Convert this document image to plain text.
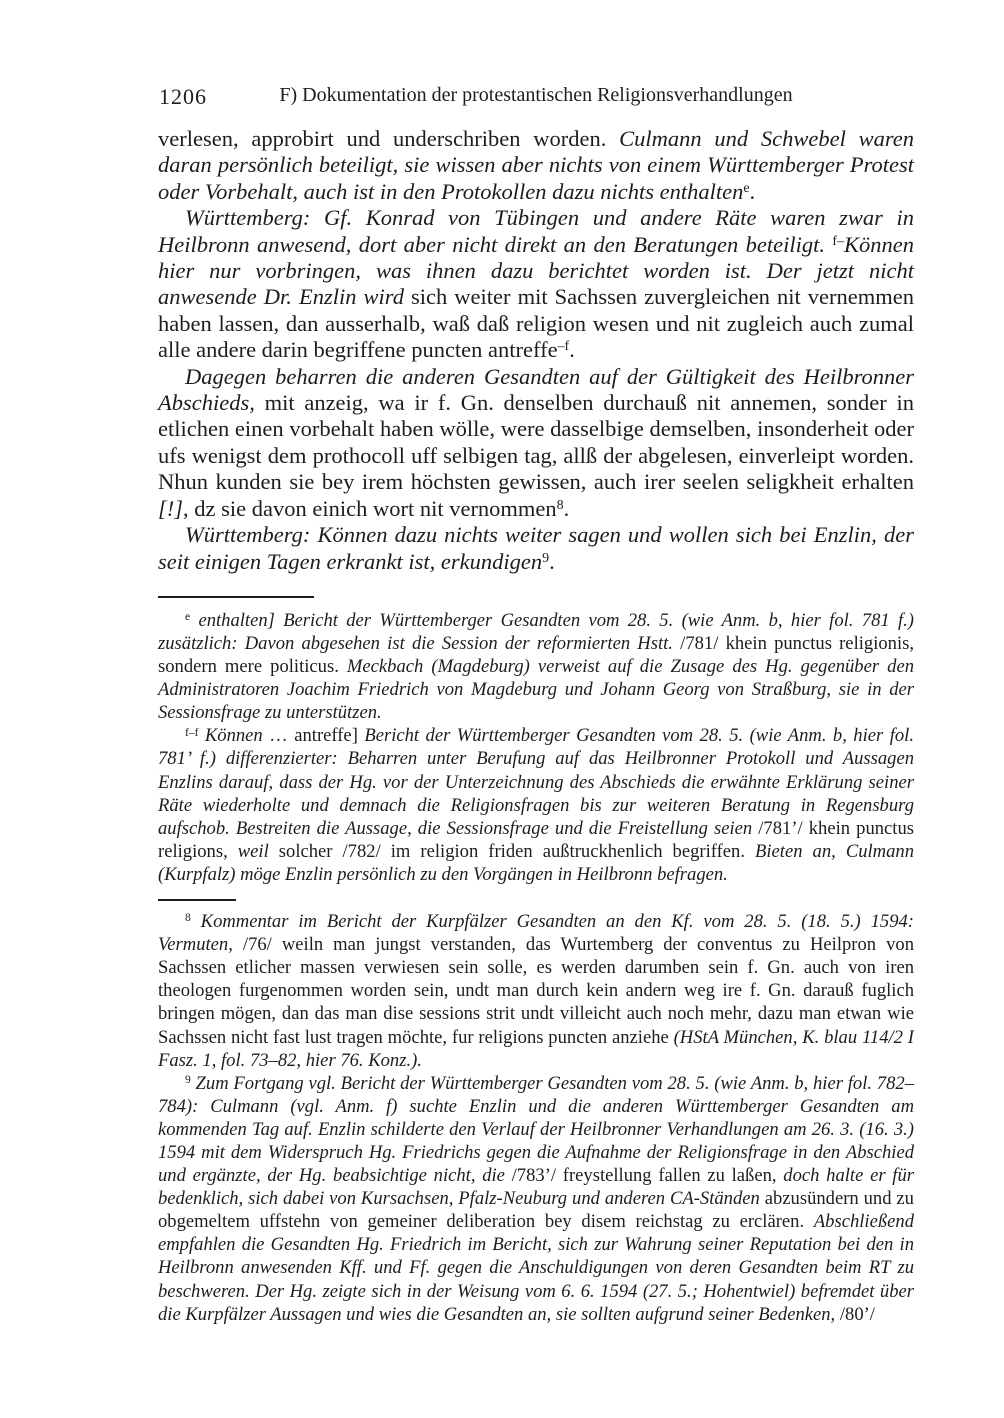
1206	F) Dokumentation der protestantischen Religionsverhandlungen

verlesen, approbirt und underschriben worden. Culmann und Schwebel waren daran persönlich beteiligt, sie wissen aber nichts von einem Württemberger Protest oder Vorbehalt, auch ist in den Protokollen dazu nichts enthalten$^e$.

Württemberg: Gf. Konrad von Tübingen und andere Räte waren zwar in Heilbronn anwesend, dort aber nicht direkt an den Beratungen beteiligt. $^{f-}$Können hier nur vorbringen, was ihnen dazu berichtet worden ist. Der jetzt nicht anwesende Dr. Enzlin wird sich weiter mit Sachssen zuvergleichen nit vernemmen haben lassen, dan ausserhalb, waß daß religion wesen und nit zugleich auch zumal alle andere darin begriffene puncten antreffe$^{-f}$.

Dagegen beharren die anderen Gesandten auf der Gültigkeit des Heilbronner Abschieds, mit anzeig, wa ir f. Gn. denselben durchauß nit annemen, sonder in etlichen einen vorbehalt haben wölle, were dasselbige demselben, insonderheit oder ufs wenigst dem prothocoll uff selbigen tag, allß der abgelesen, einverleipt worden. Nhun kunden sie bey irem höchsten gewissen, auch irer seelen seligkheit erhalten [!], dz sie davon einich wort nit vernommen$^8$.

Württemberg: Können dazu nichts weiter sagen und wollen sich bei Enzlin, der seit einigen Tagen erkrankt ist, erkundigen$^9$.

$^e$ enthalten] Bericht der Württemberger Gesandten vom 28. 5. (wie Anm. b, hier fol. 781 f.) zusätzlich: Davon abgesehen ist die Session der reformierten Hstt. /781/ khein punctus religionis, sondern mere politicus. Meckbach (Magdeburg) verweist auf die Zusage des Hg. gegenüber den Administratoren Joachim Friedrich von Magdeburg und Johann Georg von Straßburg, sie in der Sessionsfrage zu unterstützen.

$^{f-f}$ Können … antreffe] Bericht der Württemberger Gesandten vom 28. 5. (wie Anm. b, hier fol. 781’ f.) differenzierter: Beharren unter Berufung auf das Heilbronner Protokoll und Aussagen Enzlins darauf, dass der Hg. vor der Unterzeichnung des Abschieds die erwähnte Erklärung seiner Räte wiederholte und demnach die Religionsfragen bis zur weiteren Beratung in Regensburg aufschob. Bestreiten die Aussage, die Sessionsfrage und die Freistellung seien /781’/ khein punctus religions, weil solcher /782/ im religion friden außtruckhenlich begriffen. Bieten an, Culmann (Kurpfalz) möge Enzlin persönlich zu den Vorgängen in Heilbronn befragen.

$^8$ Kommentar im Bericht der Kurpfälzer Gesandten an den Kf. vom 28. 5. (18. 5.) 1594: Vermuten, /76/ weiln man jungst verstanden, das Wurtemberg der conventus zu Heilpron von Sachssen etlicher massen verwiesen sein solle, es werden darumben sein f. Gn. auch von iren theologen furgenommen worden sein, undt man durch kein andern weg ire f. Gn. darauß fuglich bringen mögen, dan das man dise sessions strit undt villeicht auch noch mehr, dazu man etwan wie Sachssen nicht fast lust tragen möchte, fur religions puncten anziehe (HStA München, K. blau 114/2 I Fasz. 1, fol. 73–82, hier 76. Konz.).

$^9$ Zum Fortgang vgl. Bericht der Württemberger Gesandten vom 28. 5. (wie Anm. b, hier fol. 782–784): Culmann (vgl. Anm. f) suchte Enzlin und die anderen Württemberger Gesandten am kommenden Tag auf. Enzlin schilderte den Verlauf der Heilbronner Verhandlungen am 26. 3. (16. 3.) 1594 mit dem Widerspruch Hg. Friedrichs gegen die Aufnahme der Religionsfrage in den Abschied und ergänzte, der Hg. beabsichtige nicht, die /783’/ freystellung fallen zu laßen, doch halte er für bedenklich, sich dabei von Kursachsen, Pfalz-Neuburg und anderen CA-Ständen abzusündern und zu obgemeltem uffstehn von gemeiner deliberation bey disem reichstag zu erclären. Abschließend empfahlen die Gesandten Hg. Friedrich im Bericht, sich zur Wahrung seiner Reputation bei den in Heilbronn anwesenden Kff. und Ff. gegen die Anschuldigungen von deren Gesandten beim RT zu beschweren. Der Hg. zeigte sich in der Weisung vom 6. 6. 1594 (27. 5.; Hohentwiel) befremdet über die Kurpfälzer Aussagen und wies die Gesandten an, sie sollten aufgrund seiner Bedenken, /80’/
